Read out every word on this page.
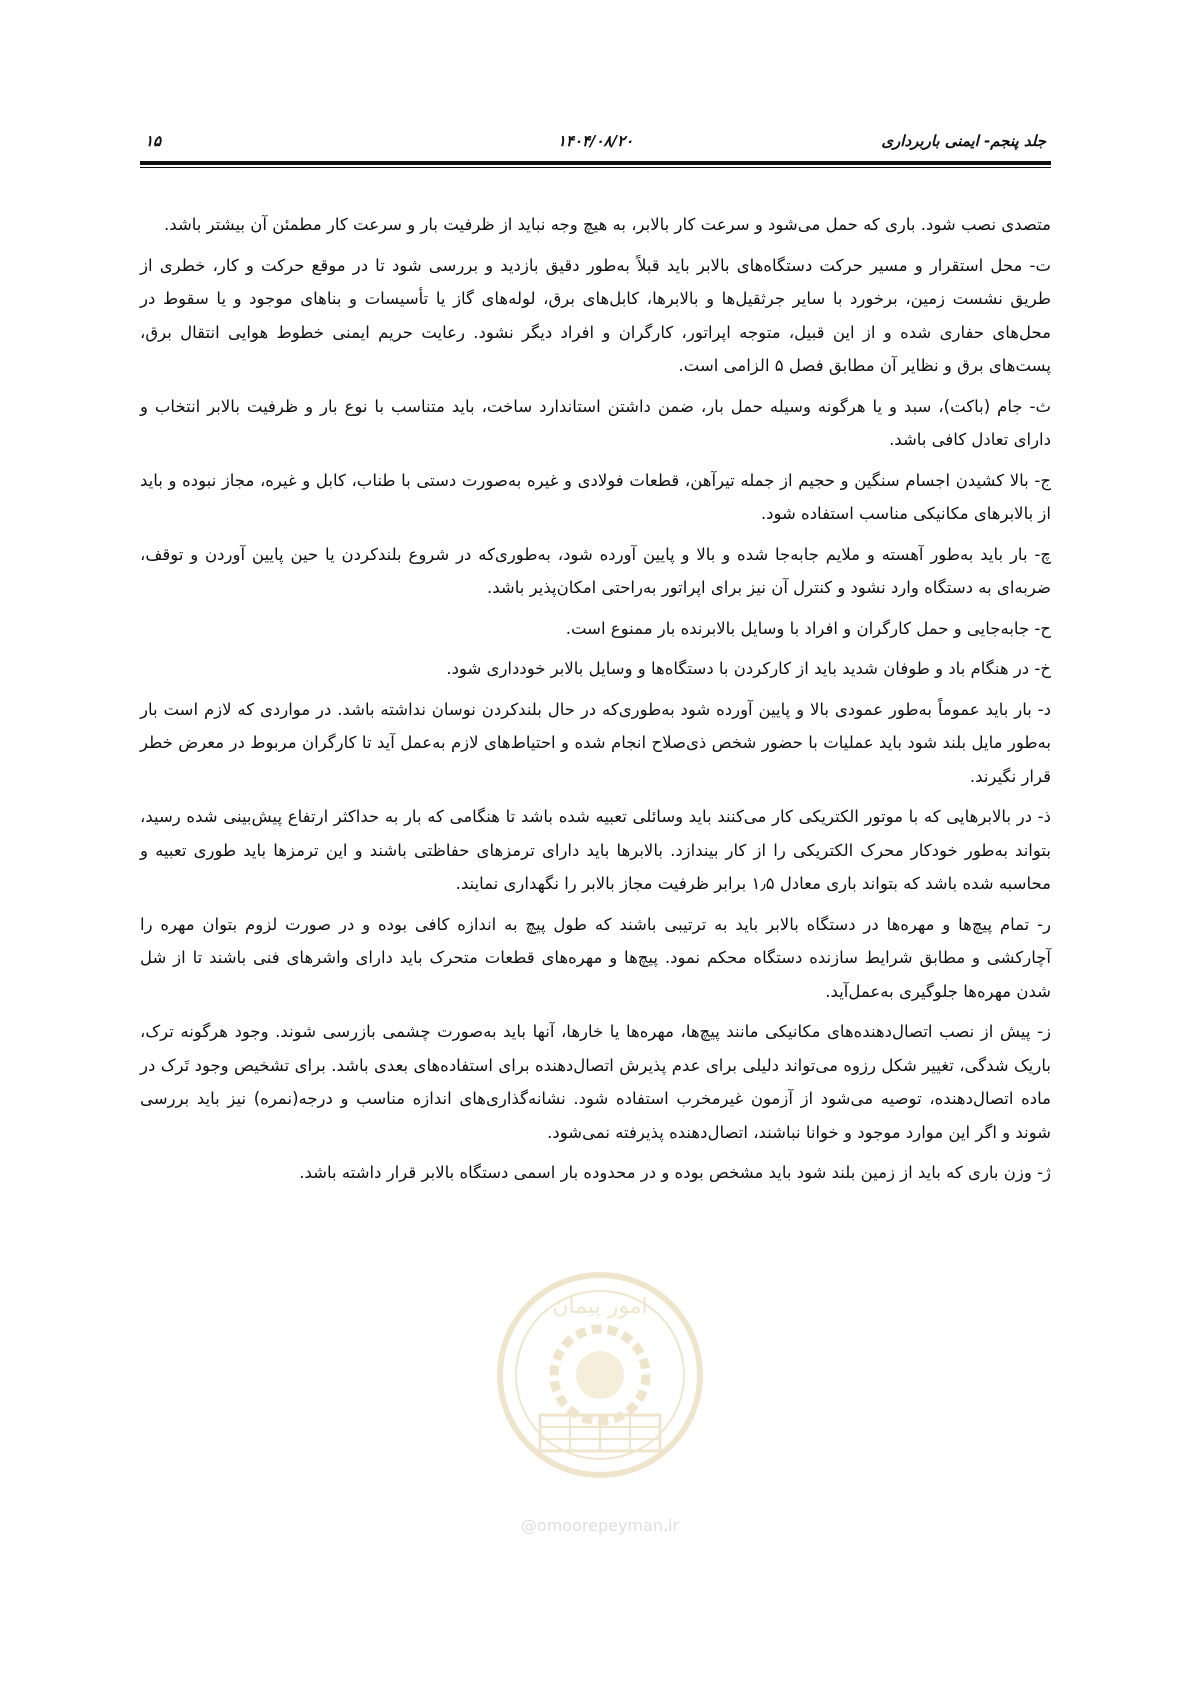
جلد پنجم- ایمنی باربرداری
۱۴۰۴/۰۸/۲۰
۱۵

متصدی نصب شود. باری که حمل می‌شود و سرعت کار بالابر، به هیچ وجه نباید از ظرفیت بار و سرعت کار مطمئن آن بیشتر باشد.

ت- محل استقرار و مسیر حرکت دستگاه‌های بالابر باید قبلاً به‌طور دقیق بازدید و بررسی شود تا در موقع حرکت و کار، خطری از طریق نشست زمین، برخورد با سایر جرثقیل‌ها و بالابرها، کابل‌های برق، لوله‌های گاز یا تأسیسات و بناهای موجود و یا سقوط در محل‌های حفاری شده و از این قبیل، متوجه اپراتور، کارگران و افراد دیگر نشود. رعایت حریم ایمنی خطوط هوایی انتقال برق، پست‌های برق و نظایر آن مطابق فصل ۵ الزامی است.

ث- جام (باکت)، سبد و یا هرگونه وسیله حمل بار، ضمن داشتن استاندارد ساخت، باید متناسب با نوع بار و ظرفیت بالابر انتخاب و دارای تعادل کافی باشد.

ج- بالا کشیدن اجسام سنگین و حجیم از جمله تیرآهن، قطعات فولادی و غیره به‌صورت دستی با طناب، کابل و غیره، مجاز نبوده و باید از بالابرهای مکانیکی مناسب استفاده شود.

چ- بار باید به‌طور آهسته و ملایم جابه‌جا شده و بالا و پایین آورده شود، به‌طوری‌که در شروع بلندکردن یا حین پایین آوردن و توقف، ضربه‌ای به دستگاه وارد نشود و کنترل آن نیز برای اپراتور به‌راحتی امکان‌پذیر باشد.

ح- جابه‌جایی و حمل کارگران و افراد با وسایل بالابرنده بار ممنوع است.

خ- در هنگام باد و طوفان شدید باید از کارکردن با دستگاه‌ها و وسایل بالابر خودداری شود.

د- بار باید عموماً به‌طور عمودی بالا و پایین آورده شود به‌طوری‌که در حال بلندکردن نوسان نداشته باشد. در مواردی که لازم است بار به‌طور مایل بلند شود باید عملیات با حضور شخص ذی‌صلاح انجام شده و احتیاط‌های لازم به‌عمل آید تا کارگران مربوط در معرض خطر قرار نگیرند.

ذ- در بالابرهایی که با موتور الکتریکی کار می‌کنند باید وسائلی تعبیه شده باشد تا هنگامی که بار به حداکثر ارتفاع پیش‌بینی شده رسید، بتواند به‌طور خودکار محرک الکتریکی را از کار بیندازد. بالابرها باید دارای ترمزهای حفاظتی باشند و این ترمزها باید طوری تعبیه و محاسبه شده باشد که بتواند باری معادل ۱٫۵ برابر ظرفیت مجاز بالابر را نگهداری نمایند.

ر- تمام پیچ‌ها و مهره‌ها در دستگاه بالابر باید به ترتیبی باشند که طول پیچ به اندازه کافی بوده و در صورت لزوم بتوان مهره را آچارکشی و مطابق شرایط سازنده دستگاه محکم نمود. پیچ‌ها و مهره‌های قطعات متحرک باید دارای واشرهای فنی باشند تا از شل شدن مهره‌ها جلوگیری به‌عمل‌آید.

ز- پیش از نصب اتصال‌دهنده‌های مکانیکی مانند پیچ‌ها، مهره‌ها یا خارها، آنها باید به‌صورت چشمی بازرسی شوند. وجود هرگونه ترک، باریک شدگی، تغییر شکل رزوه می‌تواند دلیلی برای عدم پذیرش اتصال‌دهنده برای استفاده‌های بعدی باشد. برای تشخیص وجود تَرک در ماده اتصال‌دهنده، توصیه می‌شود از آزمون غیرمخرب استفاده شود. نشانه‌گذاری‌های اندازه مناسب و درجه(نمره) نیز باید بررسی شوند و اگر این موارد موجود و خوانا نباشند، اتصال‌دهنده پذیرفته نمی‌شود.

ژ- وزن باری که باید از زمین بلند شود باید مشخص بوده و در محدوده بار اسمی دستگاه بالابر قرار داشته باشد.

امور پیمان
@omoorepeyman.ir
